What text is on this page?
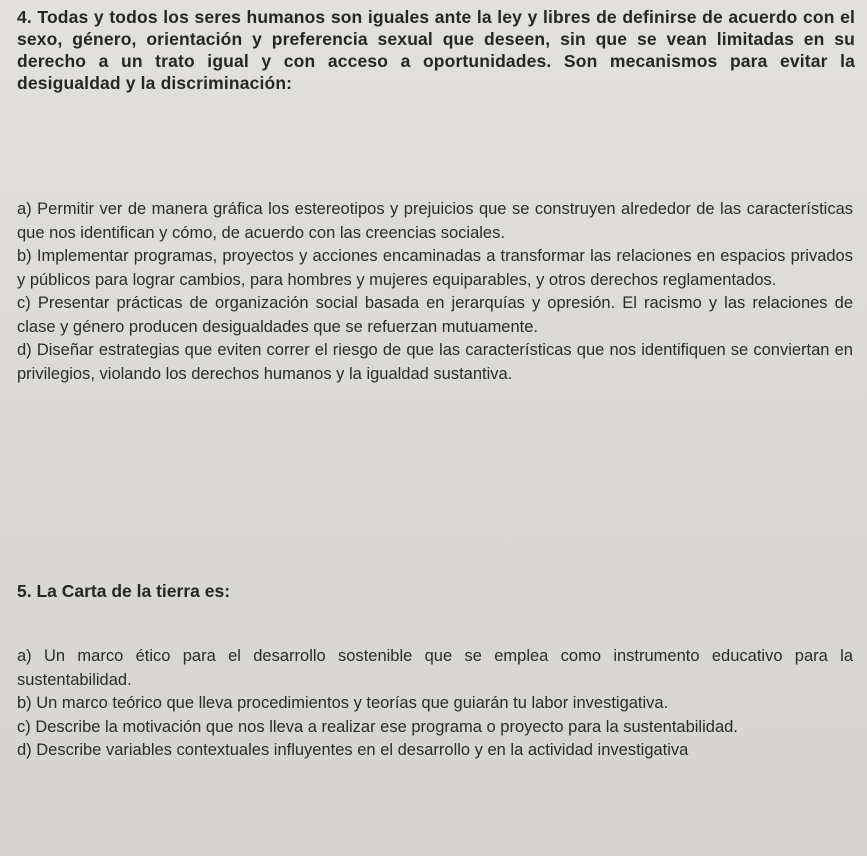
4. Todas y todos los seres humanos son iguales ante la ley y libres de definirse de acuerdo con el sexo, género, orientación y preferencia sexual que deseen, sin que se vean limitadas en su derecho a un trato igual y con acceso a oportunidades. Son mecanismos para evitar la desigualdad y la discriminación:

a) Permitir ver de manera gráfica los estereotipos y prejuicios que se construyen alrededor de las características que nos identifican y cómo, de acuerdo con las creencias sociales.

b) Implementar programas, proyectos y acciones encaminadas a transformar las relaciones en espacios privados y públicos para lograr cambios, para hombres y mujeres equiparables, y otros derechos reglamentados.

c) Presentar prácticas de organización social basada en jerarquías y opresión. El racismo y las relaciones de clase y género producen desigualdades que se refuerzan mutuamente.

d) Diseñar estrategias que eviten correr el riesgo de que las características que nos identifiquen se conviertan en privilegios, violando los derechos humanos y la igualdad sustantiva.

5. La Carta de la tierra es:

a) Un marco ético para el desarrollo sostenible que se emplea como instrumento educativo para la sustentabilidad.

b) Un marco teórico que lleva procedimientos y teorías que guiarán tu labor investigativa.

c) Describe la motivación que nos lleva a realizar ese programa o proyecto para la sustentabilidad.

d) Describe variables contextuales influyentes en el desarrollo y en la actividad investigativa
